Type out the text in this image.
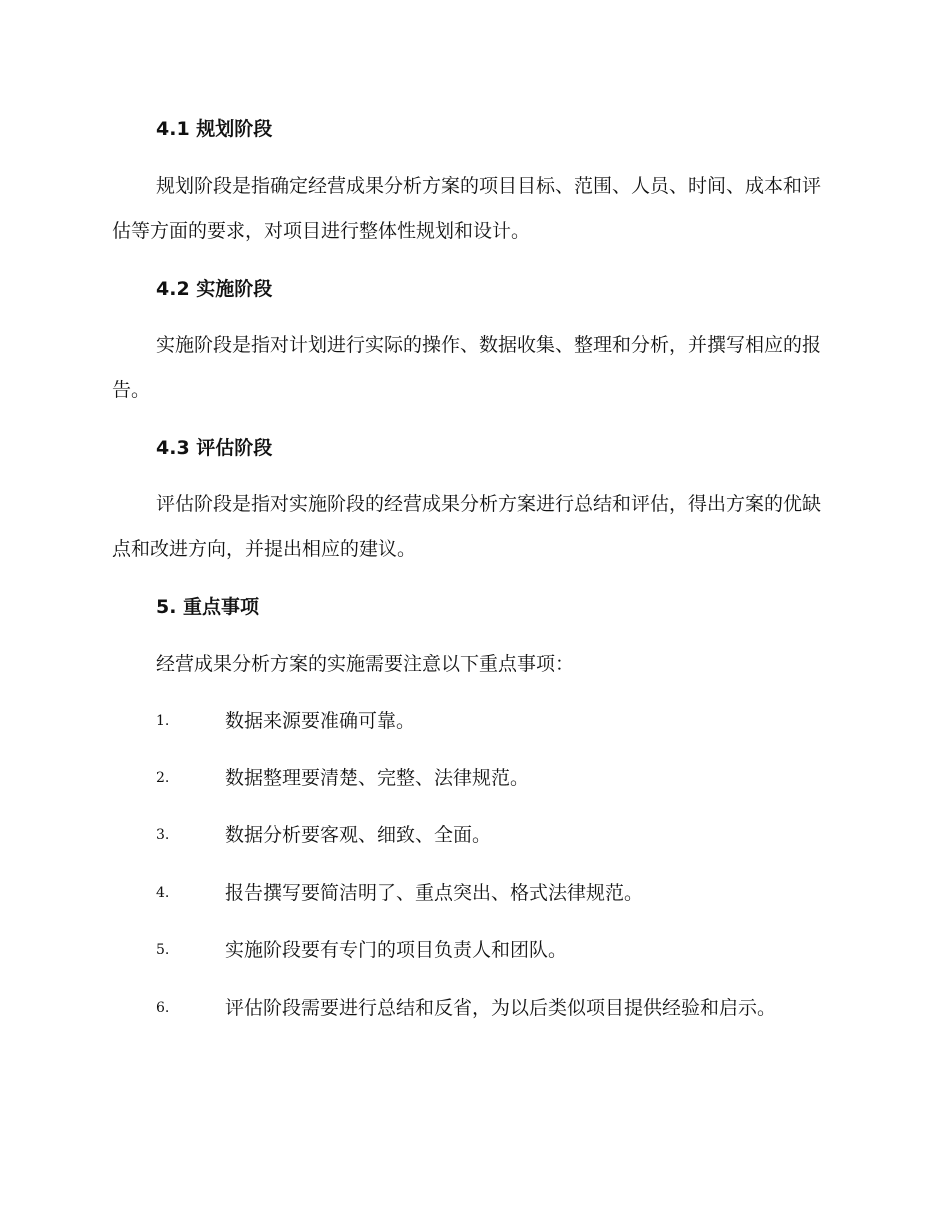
4.1 规划阶段

规划阶段是指确定经营成果分析方案的项目目标、范围、人员、时间、成本和评估等方面的要求，对项目进行整体性规划和设计。

4.2 实施阶段

实施阶段是指对计划进行实际的操作、数据收集、整理和分析，并撰写相应的报告。

4.3 评估阶段

评估阶段是指对实施阶段的经营成果分析方案进行总结和评估，得出方案的优缺点和改进方向，并提出相应的建议。

5. 重点事项
经营成果分析方案的实施需要注意以下重点事项：
1.	数据来源要准确可靠。
2.	数据整理要清楚、完整、法律规范。
3.	数据分析要客观、细致、全面。
4.	报告撰写要简洁明了、重点突出、格式法律规范。
5.	实施阶段要有专门的项目负责人和团队。
6.	评估阶段需要进行总结和反省，为以后类似项目提供经验和启示。
